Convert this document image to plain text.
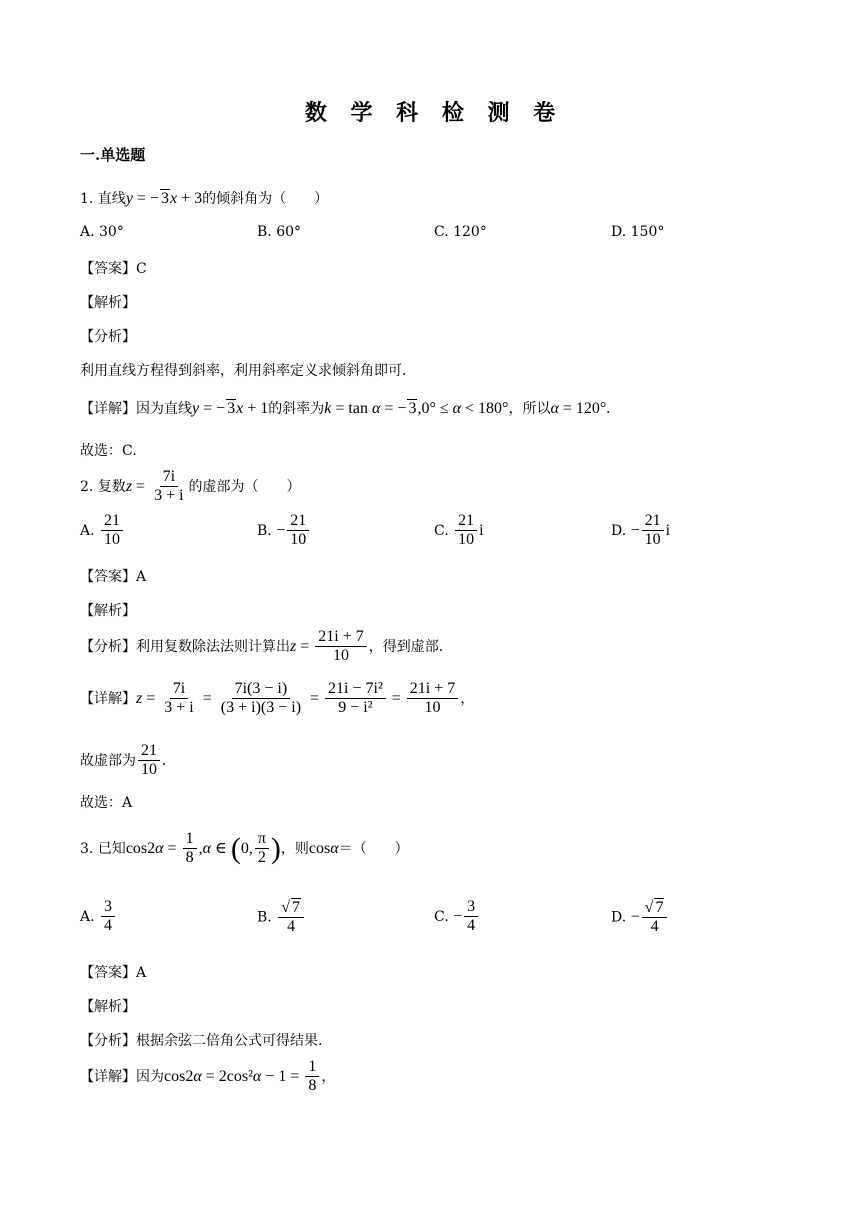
数 学 科 检 测 卷
一.单选题
1. 直线y = − 3x + 3的倾斜角为（　　）
A. 30°	B. 60°	C. 120°	D. 150°
【答案】C
【解析】
【分析】
利用直线方程得到斜率，利用斜率定义求倾斜角即可.
【详解】因为直线y = − 3x + 1的斜率为k = tan α = − 3,0° ≤ α < 180°，所以α = 120°.
故选：C.
2. 复数$z = \frac{7i}{3 + i}$ 的虚部为（　　）
A. $\frac{21}{10}$	B. − $\frac{21}{10}$	C. $\frac{21}{10}$ i	D. − $\frac{21}{10}$ i
【答案】A
【解析】
【分析】利用复数除法法则计算出$z = \frac{21i + 7}{10}$ ，得到虚部.
【详解】$z = \frac{7i}{3 + i} = \frac{7i(3 - i)}{(3 + i)(3 - i)} = \frac{\text{21i − 7i²}}{\text{9 − i²}} = \frac{21i + 7}{10}$ ，
故虚部为 $\frac{21}{10}$ .
故选：A
3. 已知$\cos 2\alpha = \frac{1}{8} ,\alpha$ ∈ (0, $\frac{\pi}{2}$ )，则cosα＝（　　）
A. $\frac{3}{4}$	B. $\frac{√ 7}{4}$	C. − $\frac{3}{4}$	D. − $\frac{√ 7}{4}$
【答案】A
【解析】
【分析】根据余弦二倍角公式可得结果.
【详解】因为$\cos 2\alpha = 2\cos^2\alpha - 1 = \frac{1}{8}$ ，
